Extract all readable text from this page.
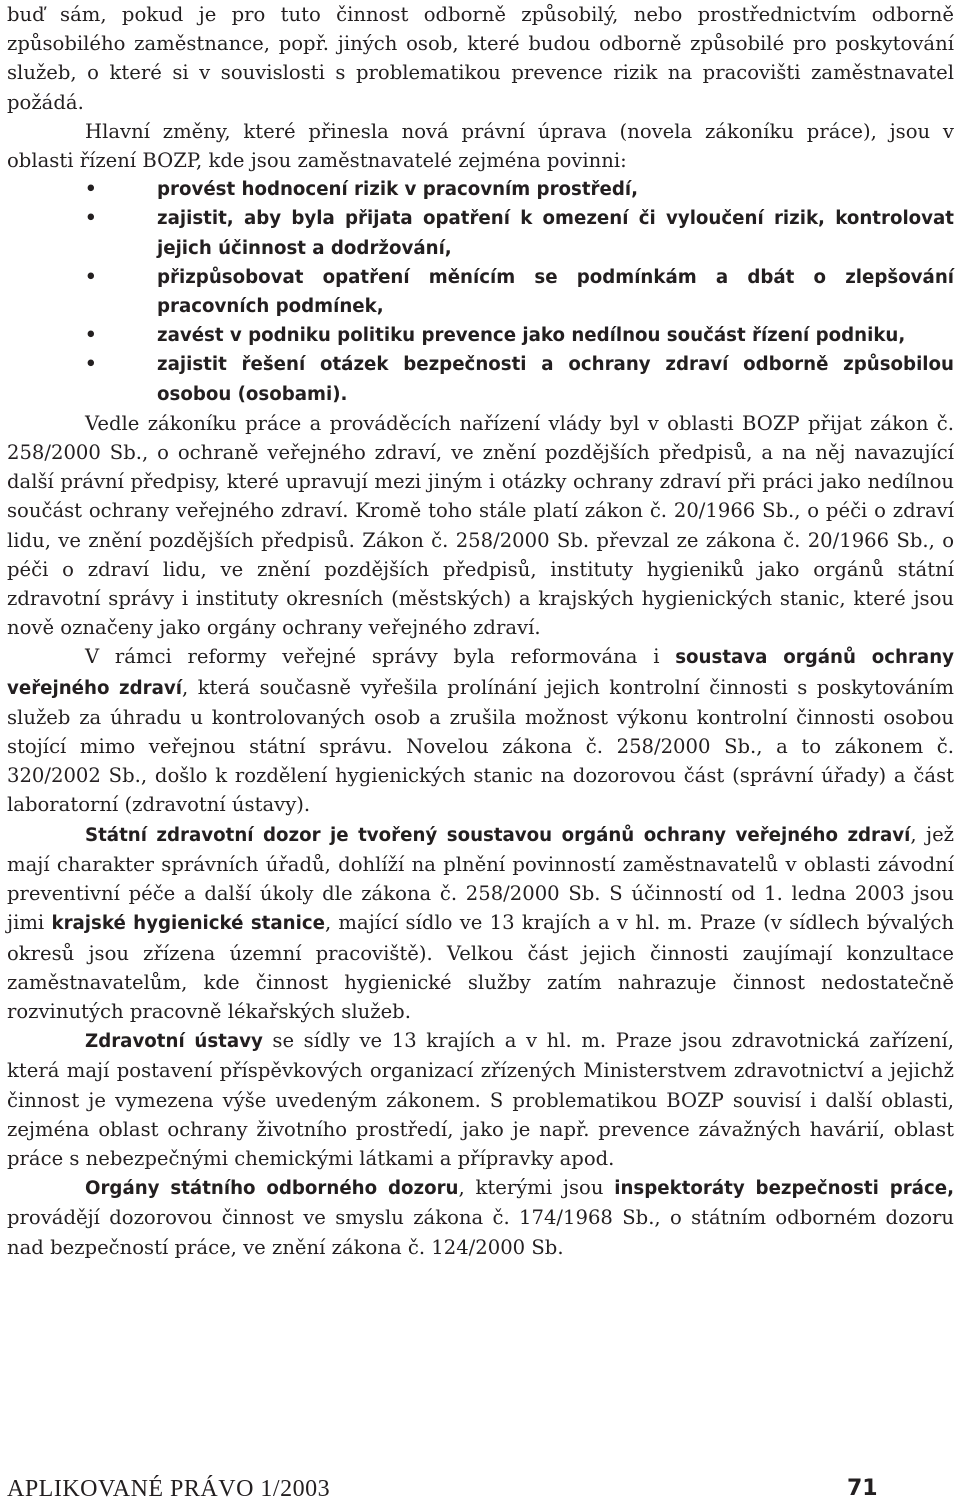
buď sám, pokud je pro tuto činnost odborně způsobilý, nebo prostřednictvím odborně způsobilého zaměstnance, popř. jiných osob, které budou odborně způsobilé pro poskytování služeb, o které si v souvislosti s problematikou prevence rizik na pracovišti zaměstnavatel požádá.

Hlavní změny, které přinesla nová právní úprava (novela zákoníku práce), jsou v oblasti řízení BOZP, kde jsou zaměstnavatelé zejména povinni:

•	provést hodnocení rizik v pracovním prostředí,
•	zajistit, aby byla přijata opatření k omezení či vyloučení rizik, kontrolovat jejich účinnost a dodržování,
•	přizpůsobovat opatření měnícím se podmínkám a dbát o zlepšování pracovních podmínek,
•	zavést v podniku politiku prevence jako nedílnou součást řízení podniku,
•	zajistit řešení otázek bezpečnosti a ochrany zdraví odborně způsobilou osobou (osobami).

Vedle zákoníku práce a prováděcích nařízení vlády byl v oblasti BOZP přijat zákon č. 258/2000 Sb., o ochraně veřejného zdraví, ve znění pozdějších předpisů, a na něj navazující další právní předpisy, které upravují mezi jiným i otázky ochrany zdraví při práci jako nedílnou součást ochrany veřejného zdraví. Kromě toho stále platí zákon č. 20/1966 Sb., o péči o zdraví lidu, ve znění pozdějších předpisů. Zákon č. 258/2000 Sb. převzal ze zákona č. 20/1966 Sb., o péči o zdraví lidu, ve znění pozdějších předpisů, instituty hygieniků jako orgánů státní zdravotní správy i instituty okresních (městských) a krajských hygienických stanic, které jsou nově označeny jako orgány ochrany veřejného zdraví.

V rámci reformy veřejné správy byla reformována i soustava orgánů ochrany veřejného zdraví, která současně vyřešila prolínání jejich kontrolní činnosti s poskytováním služeb za úhradu u kontrolovaných osob a zrušila možnost výkonu kontrolní činnosti osobou stojící mimo veřejnou státní správu. Novelou zákona č. 258/2000 Sb., a to zákonem č. 320/2002 Sb., došlo k rozdělení hygienických stanic na dozorovou část (správní úřady) a část laboratorní (zdravotní ústavy).

Státní zdravotní dozor je tvořený soustavou orgánů ochrany veřejného zdraví, jež mají charakter správních úřadů, dohlíží na plnění povinností zaměstnavatelů v oblasti závodní preventivní péče a další úkoly dle zákona č. 258/2000 Sb. S účinností od 1. ledna 2003 jsou jimi krajské hygienické stanice, mající sídlo ve 13 krajích a v hl. m. Praze (v sídlech bývalých okresů jsou zřízena územní pracoviště). Velkou část jejich činnosti zaujímají konzultace zaměstnavatelům, kde činnost hygienické služby zatím nahrazuje činnost nedostatečně rozvinutých pracovně lékařských služeb.

Zdravotní ústavy se sídly ve 13 krajích a v hl. m. Praze jsou zdravotnická zařízení, která mají postavení příspěvkových organizací zřízených Ministerstvem zdravotnictví a jejichž činnost je vymezena výše uvedeným zákonem. S problematikou BOZP souvisí i další oblasti, zejména oblast ochrany životního prostředí, jako je např. prevence závažných havárií, oblast práce s nebezpečnými chemickými látkami a přípravky apod.

Orgány státního odborného dozoru, kterými jsou inspektoráty bezpečnosti práce, provádějí dozorovou činnost ve smyslu zákona č. 174/1968 Sb., o státním odborném dozoru nad bezpečností práce, ve znění zákona č. 124/2000 Sb.

APLIKOVANÉ PRÁVO 1/2003	71
